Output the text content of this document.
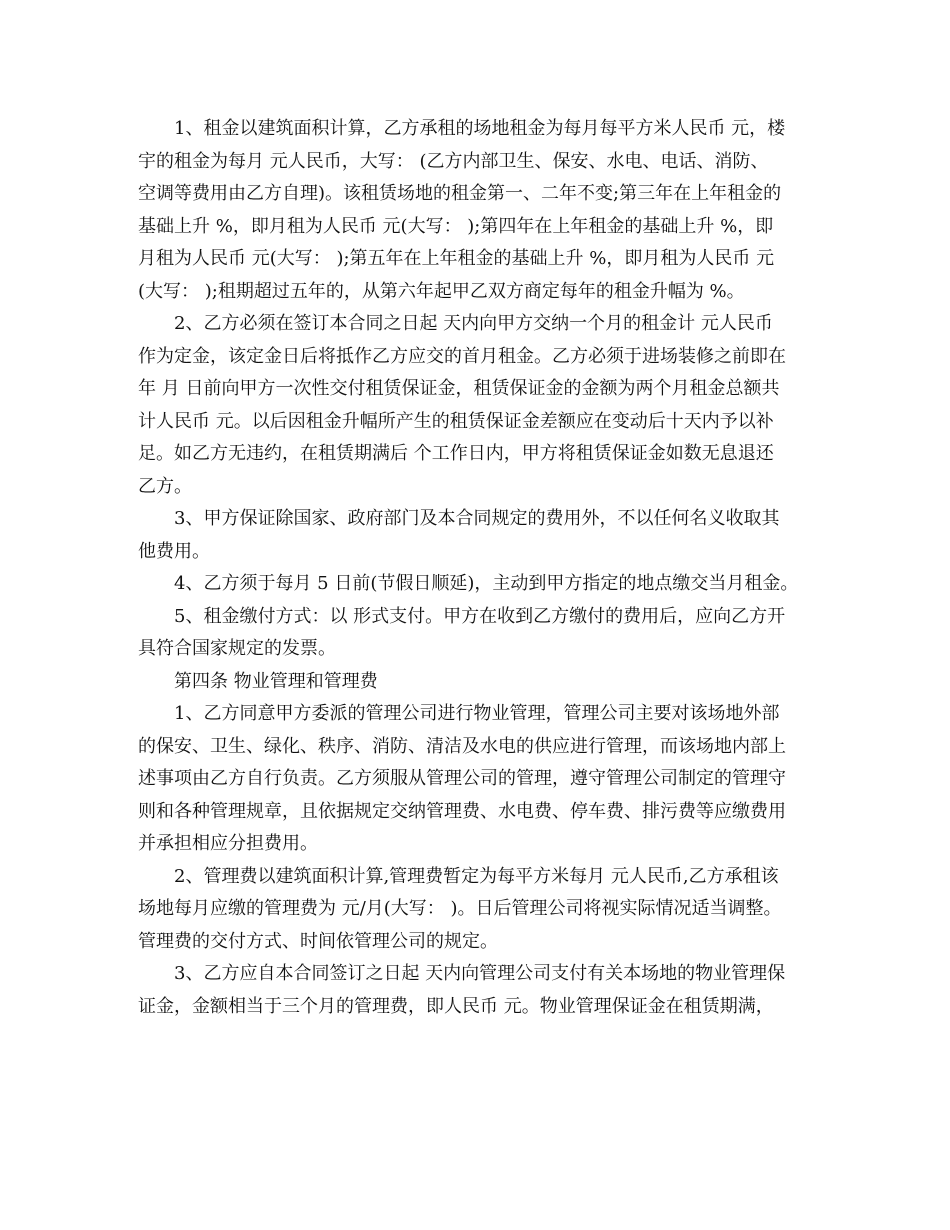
1、租金以建筑面积计算，乙方承租的场地租金为每月每平方米人民币 元，楼
宇的租金为每月 元人民币，大写： (乙方内部卫生、保安、水电、电话、消防、
空调等费用由乙方自理)。该租赁场地的租金第一、二年不变;第三年在上年租金的
基础上升 %，即月租为人民币 元(大写： );第四年在上年租金的基础上升 %，即
月租为人民币 元(大写： );第五年在上年租金的基础上升 %，即月租为人民币 元
(大写： );租期超过五年的，从第六年起甲乙双方商定每年的租金升幅为 %。

2、乙方必须在签订本合同之日起 天内向甲方交纳一个月的租金计 元人民币
作为定金，该定金日后将抵作乙方应交的首月租金。乙方必须于进场装修之前即在
年 月 日前向甲方一次性交付租赁保证金，租赁保证金的金额为两个月租金总额共
计人民币 元。以后因租金升幅所产生的租赁保证金差额应在变动后十天内予以补
足。如乙方无违约，在租赁期满后 个工作日内，甲方将租赁保证金如数无息退还
乙方。

3、甲方保证除国家、政府部门及本合同规定的费用外，不以任何名义收取其
他费用。

4、乙方须于每月 5 日前(节假日顺延)，主动到甲方指定的地点缴交当月租金。

5、租金缴付方式：以 形式支付。甲方在收到乙方缴付的费用后，应向乙方开
具符合国家规定的发票。

第四条 物业管理和管理费

1、乙方同意甲方委派的管理公司进行物业管理，管理公司主要对该场地外部
的保安、卫生、绿化、秩序、消防、清洁及水电的供应进行管理，而该场地内部上
述事项由乙方自行负责。乙方须服从管理公司的管理，遵守管理公司制定的管理守
则和各种管理规章，且依据规定交纳管理费、水电费、停车费、排污费等应缴费用
并承担相应分担费用。

2、管理费以建筑面积计算,管理费暂定为每平方米每月 元人民币,乙方承租该
场地每月应缴的管理费为 元/月(大写： )。日后管理公司将视实际情况适当调整。
管理费的交付方式、时间依管理公司的规定。

3、乙方应自本合同签订之日起 天内向管理公司支付有关本场地的物业管理保
证金，金额相当于三个月的管理费，即人民币 元。物业管理保证金在租赁期满，
